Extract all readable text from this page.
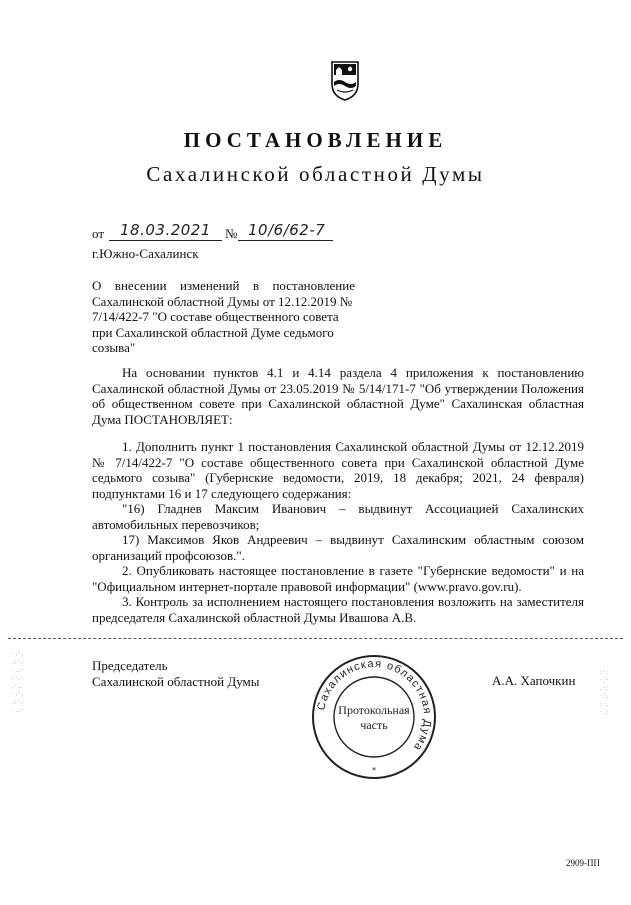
ПОСТАНОВЛЕНИЕ
Сахалинской областной Думы
от 18.03.2021 № 10/6/62-7
г.Южно-Сахалинск
О внесении изменений в постановление
Сахалинской областной Думы от 12.12.2019 № 7/14/422-7 "О составе общественного совета при Сахалинской областной Думе седьмого созыва"

На основании пунктов 4.1 и 4.14 раздела 4 приложения к постановлению Сахалинской областной Думы от 23.05.2019 № 5/14/171-7 "Об утверждении Положения об общественном совете при Сахалинской областной Думе" Сахалинская областная Дума ПОСТАНОВЛЯЕТ:

1. Дополнить пункт 1 постановления Сахалинской областной Думы от 12.12.2019 № 7/14/422-7 "О составе общественного совета при Сахалинской областной Думе седьмого созыва" (Губернские ведомости, 2019, 18 декабря; 2021, 24 февраля) подпунктами 16 и 17 следующего содержания:

"16) Гладнев Максим Иванович – выдвинут Ассоциацией Сахалинских автомобильных перевозчиков;

17) Максимов Яков Андреевич – выдвинут Сахалинским областным союзом организаций профсоюзов.".

2. Опубликовать настоящее постановление в газете "Губернские ведомости" и на "Официальном интернет-портале правовой информации" (www.pravo.gov.ru).

3. Контроль за исполнением настоящего постановления возложить на заместителя председателя Сахалинской областной Думы Ивашова А.В.

·:·.
.:·:
·.:·
:·.·
.·:.
·:·.
.:·:
·.:·
:·.
·:·
.·:
·:.
:·.
·.:
Председатель
Сахалинской областной Думы	А.А. Хапочкин
Сахалинская областная Дума
Протокольная
часть
*
2909-ПП
